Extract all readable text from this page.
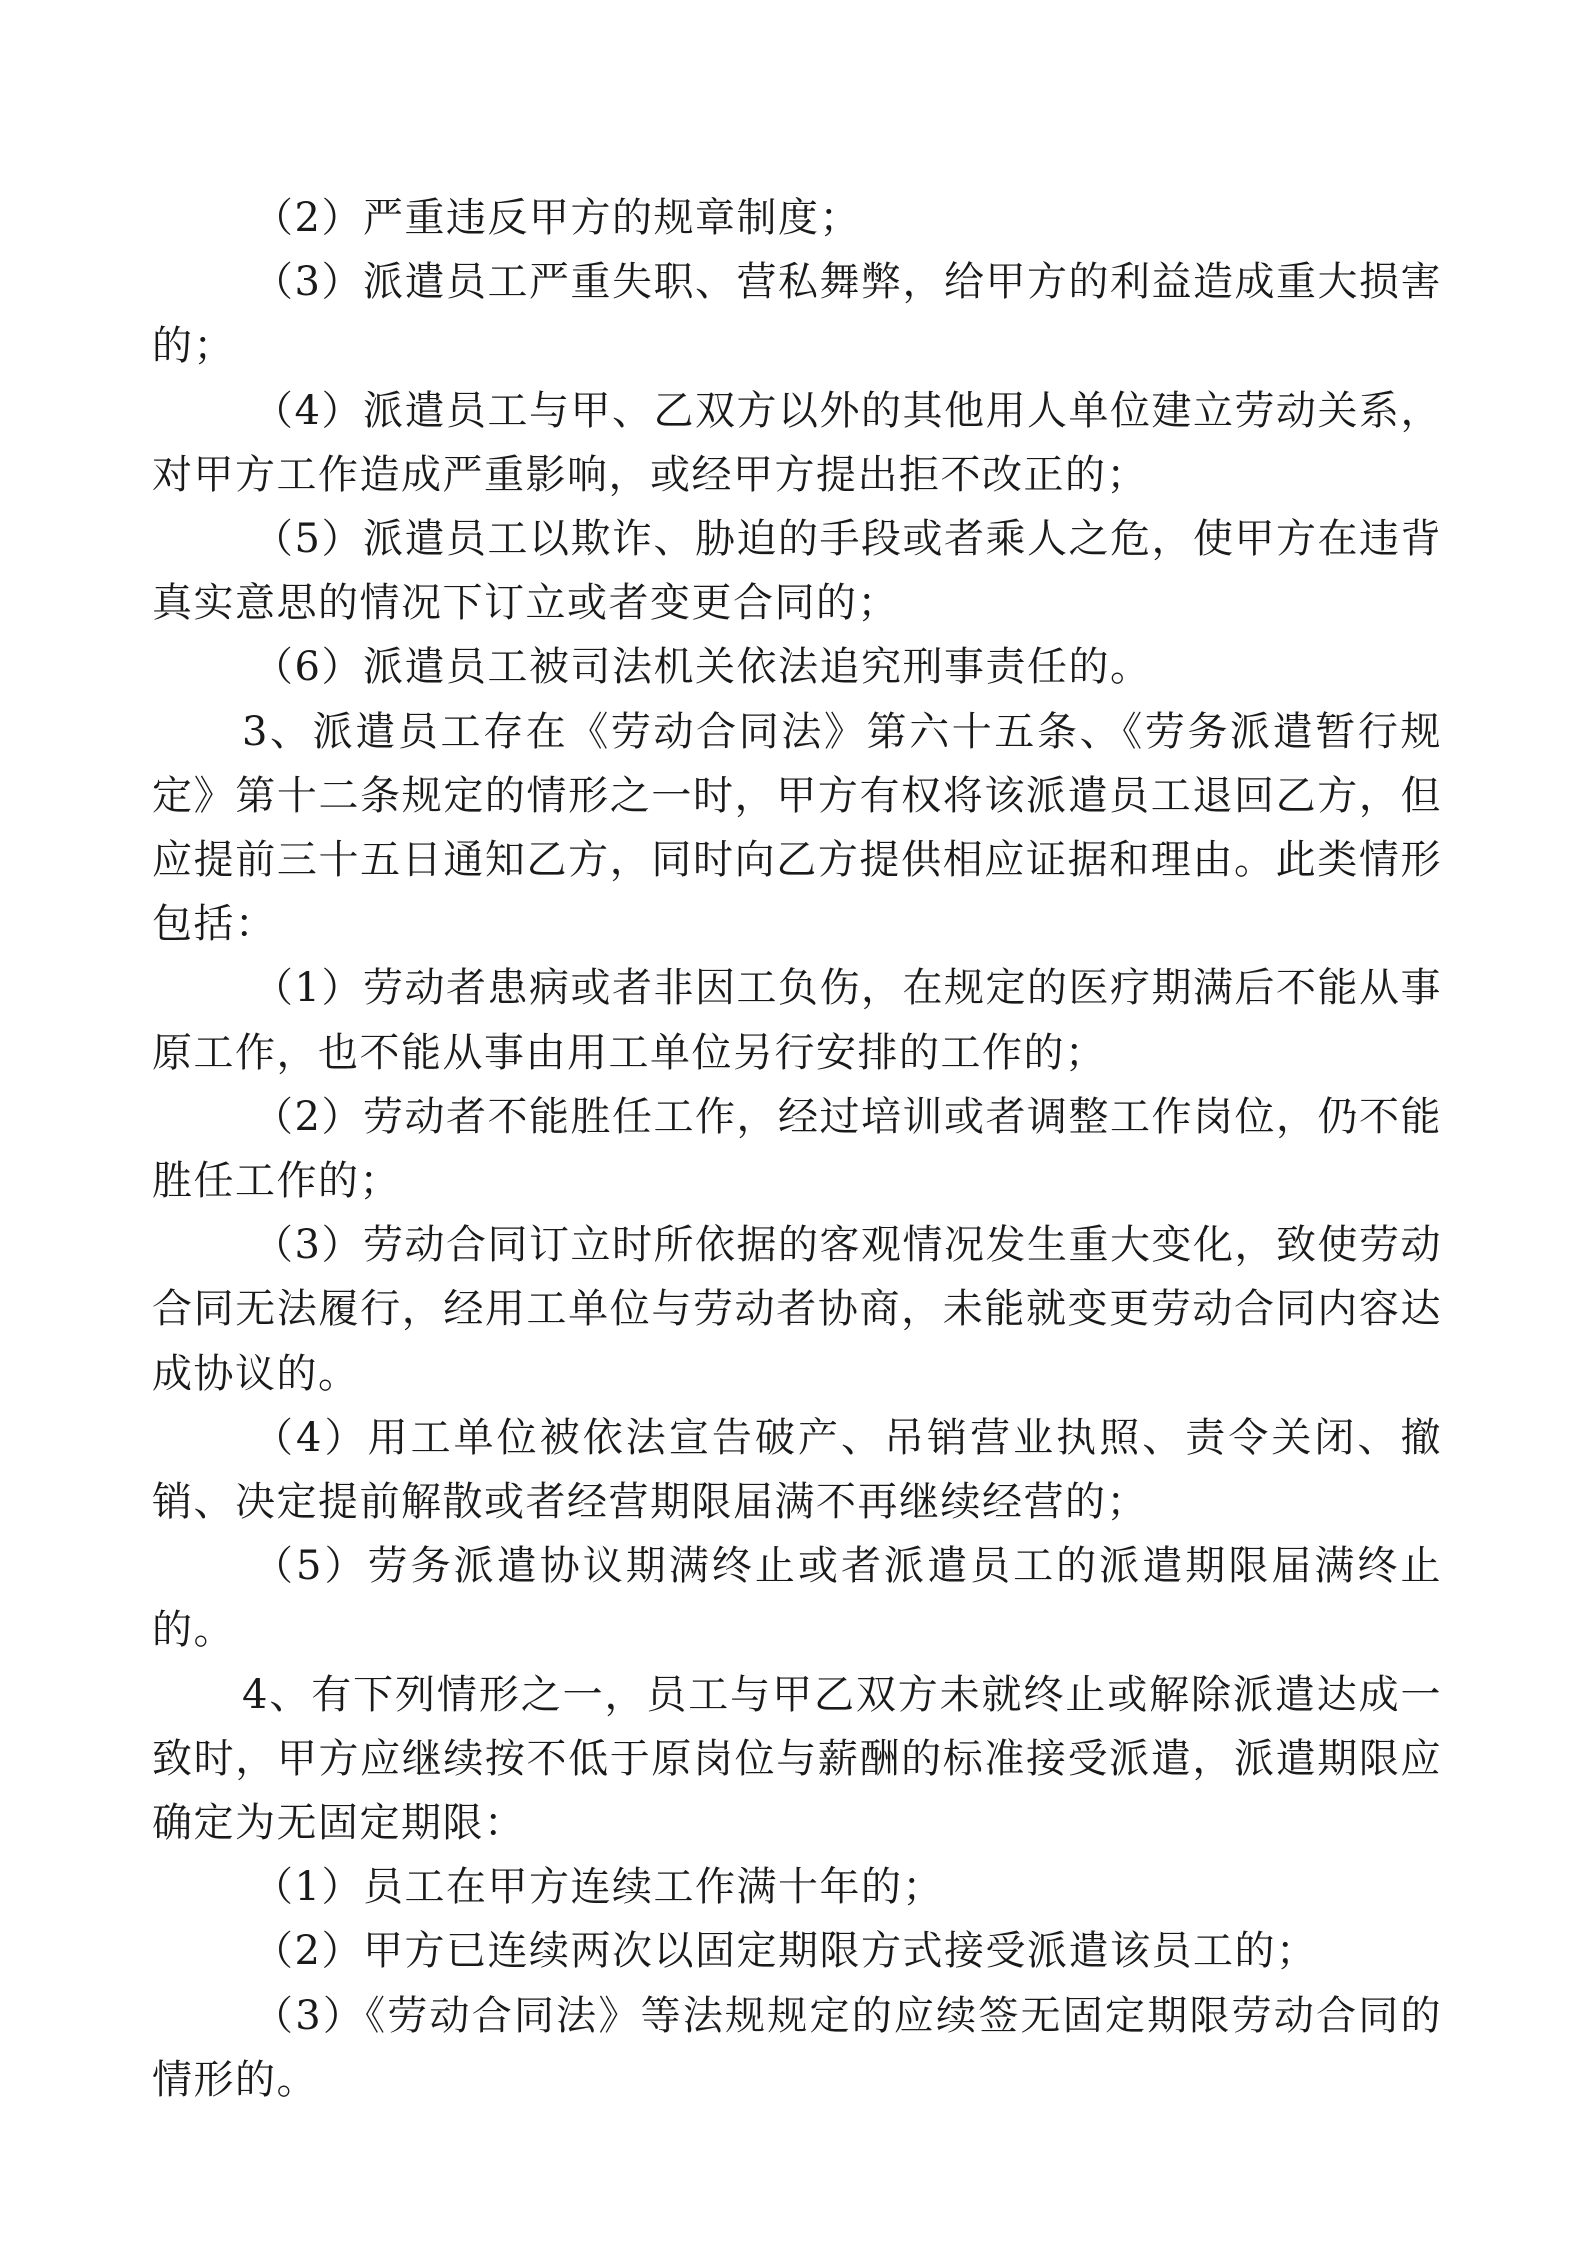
（2）严重违反甲方的规章制度；

（3）派遣员工严重失职、营私舞弊，给甲方的利益造成重大损害的；

（4）派遣员工与甲、乙双方以外的其他用人单位建立劳动关系，对甲方工作造成严重影响，或经甲方提出拒不改正的；

（5）派遣员工以欺诈、胁迫的手段或者乘人之危，使甲方在违背真实意思的情况下订立或者变更合同的；

（6）派遣员工被司法机关依法追究刑事责任的。

3、派遣员工存在《劳动合同法》第六十五条、《劳务派遣暂行规定》第十二条规定的情形之一时，甲方有权将该派遣员工退回乙方，但应提前三十五日通知乙方，同时向乙方提供相应证据和理由。此类情形包括：

（1）劳动者患病或者非因工负伤，在规定的医疗期满后不能从事原工作，也不能从事由用工单位另行安排的工作的；

（2）劳动者不能胜任工作，经过培训或者调整工作岗位，仍不能胜任工作的；

（3）劳动合同订立时所依据的客观情况发生重大变化，致使劳动合同无法履行，经用工单位与劳动者协商，未能就变更劳动合同内容达成协议的。

（4）用工单位被依法宣告破产、吊销营业执照、责令关闭、撤销、决定提前解散或者经营期限届满不再继续经营的；

（5）劳务派遣协议期满终止或者派遣员工的派遣期限届满终止的。

4、有下列情形之一，员工与甲乙双方未就终止或解除派遣达成一致时，甲方应继续按不低于原岗位与薪酬的标准接受派遣，派遣期限应确定为无固定期限：

（1）员工在甲方连续工作满十年的；

（2）甲方已连续两次以固定期限方式接受派遣该员工的；

（3）《劳动合同法》等法规规定的应续签无固定期限劳动合同的情形的。
